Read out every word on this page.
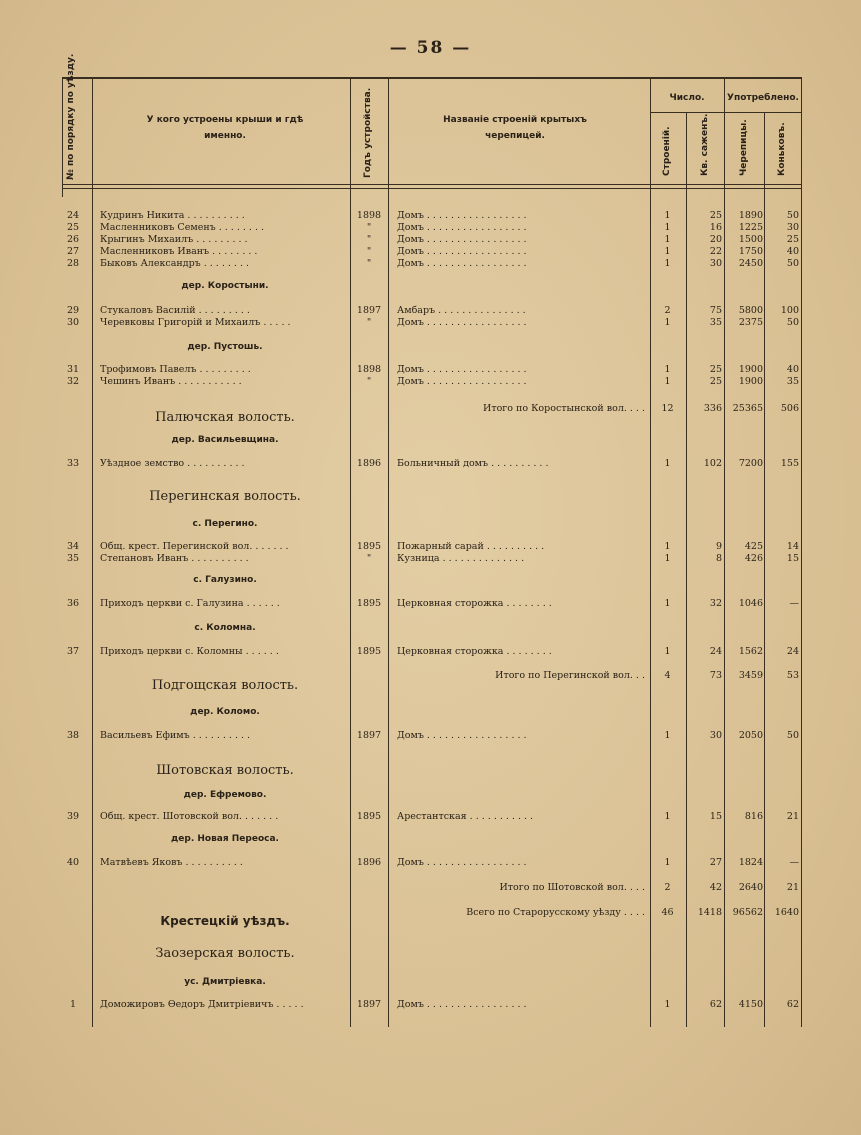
— 58 —
№ по порядку по уѣзду.	У кого устроены крыши и гдѣ именно.	Годъ устройства.	Названіе строеній крытыхъ черепицей.
Число.	Употреблено.
Строеній.	Кв. саженъ.	Черепицы.	Коньковъ.
24	Кудринъ Никита . . . . . . . . . .	1898	Домъ . . . . . . . . . . . . . . . . .	1	25	1890	50
25	Масленниковъ Семенъ . . . . . . . .	"	Домъ . . . . . . . . . . . . . . . . .	1	16	1225	30
26	Крыгинъ Михаилъ . . . . . . . . .	"	Домъ . . . . . . . . . . . . . . . . .	1	20	1500	25
27	Масленниковъ Иванъ . . . . . . . .	"	Домъ . . . . . . . . . . . . . . . . .	1	22	1750	40
28	Быковъ Александръ . . . . . . . .	"	Домъ . . . . . . . . . . . . . . . . .	1	30	2450	50
дер. Коростыни.
29	Стукаловъ Василій . . . . . . . . .	1897	Амбаръ . . . . . . . . . . . . . . .	2	75	5800	100
30	Черевковы Григорій и Михаилъ . . . . .	"	Домъ . . . . . . . . . . . . . . . . .	1	35	2375	50
дер. Пустошь.
31	Трофимовъ Павелъ . . . . . . . . .	1898	Домъ . . . . . . . . . . . . . . . . .	1	25	1900	40
32	Чешинъ Иванъ . . . . . . . . . . .	"	Домъ . . . . . . . . . . . . . . . . .	1	25	1900	35
Итого по Коростынской вол. . . .	12	336	25365	506
Палючская волость.
дер. Васильевщина.
33	Уѣздное земство . . . . . . . . . .	1896	Больничный домъ . . . . . . . . . .	1	102	7200	155
Перегинская волость.
с. Перегино.
34	Общ. крест. Перегинской вол. . . . . . .	1895	Пожарный сарай . . . . . . . . . .	1	9	425	14
35	Степановъ Иванъ . . . . . . . . . .	"	Кузница . . . . . . . . . . . . . .	1	8	426	15
с. Галузино.
36	Приходъ церкви с. Галузина . . . . . .	1895	Церковная сторожка . . . . . . . .	1	32	1046	—
с. Коломна.
37	Приходъ церкви с. Коломны . . . . . .	1895	Церковная сторожка . . . . . . . .	1	24	1562	24
Итого по Перегинской вол. . .	4	73	3459	53
Подгощская волость.
дер. Коломо.
38	Васильевъ Ефимъ . . . . . . . . . .	1897	Домъ . . . . . . . . . . . . . . . . .	1	30	2050	50
Шотовская волость.
дер. Ефремово.
39	Общ. крест. Шотовской вол. . . . . . .	1895	Арестантская . . . . . . . . . . .	1	15	816	21
дер. Новая Переоса.
40	Матвѣевъ Яковъ . . . . . . . . . .	1896	Домъ . . . . . . . . . . . . . . . . .	1	27	1824	—
Итого по Шотовской вол. . . .	2	42	2640	21
Всего по Старорусскому уѣзду . . . .	46	1418	96562	1640
Крестецкій уѣздъ.
Заозерская волость.
ус. Дмитріевка.
1	Доможировъ Өедоръ Дмитріевичъ . . . . .	1897	Домъ . . . . . . . . . . . . . . . . .	1	62	4150	62
